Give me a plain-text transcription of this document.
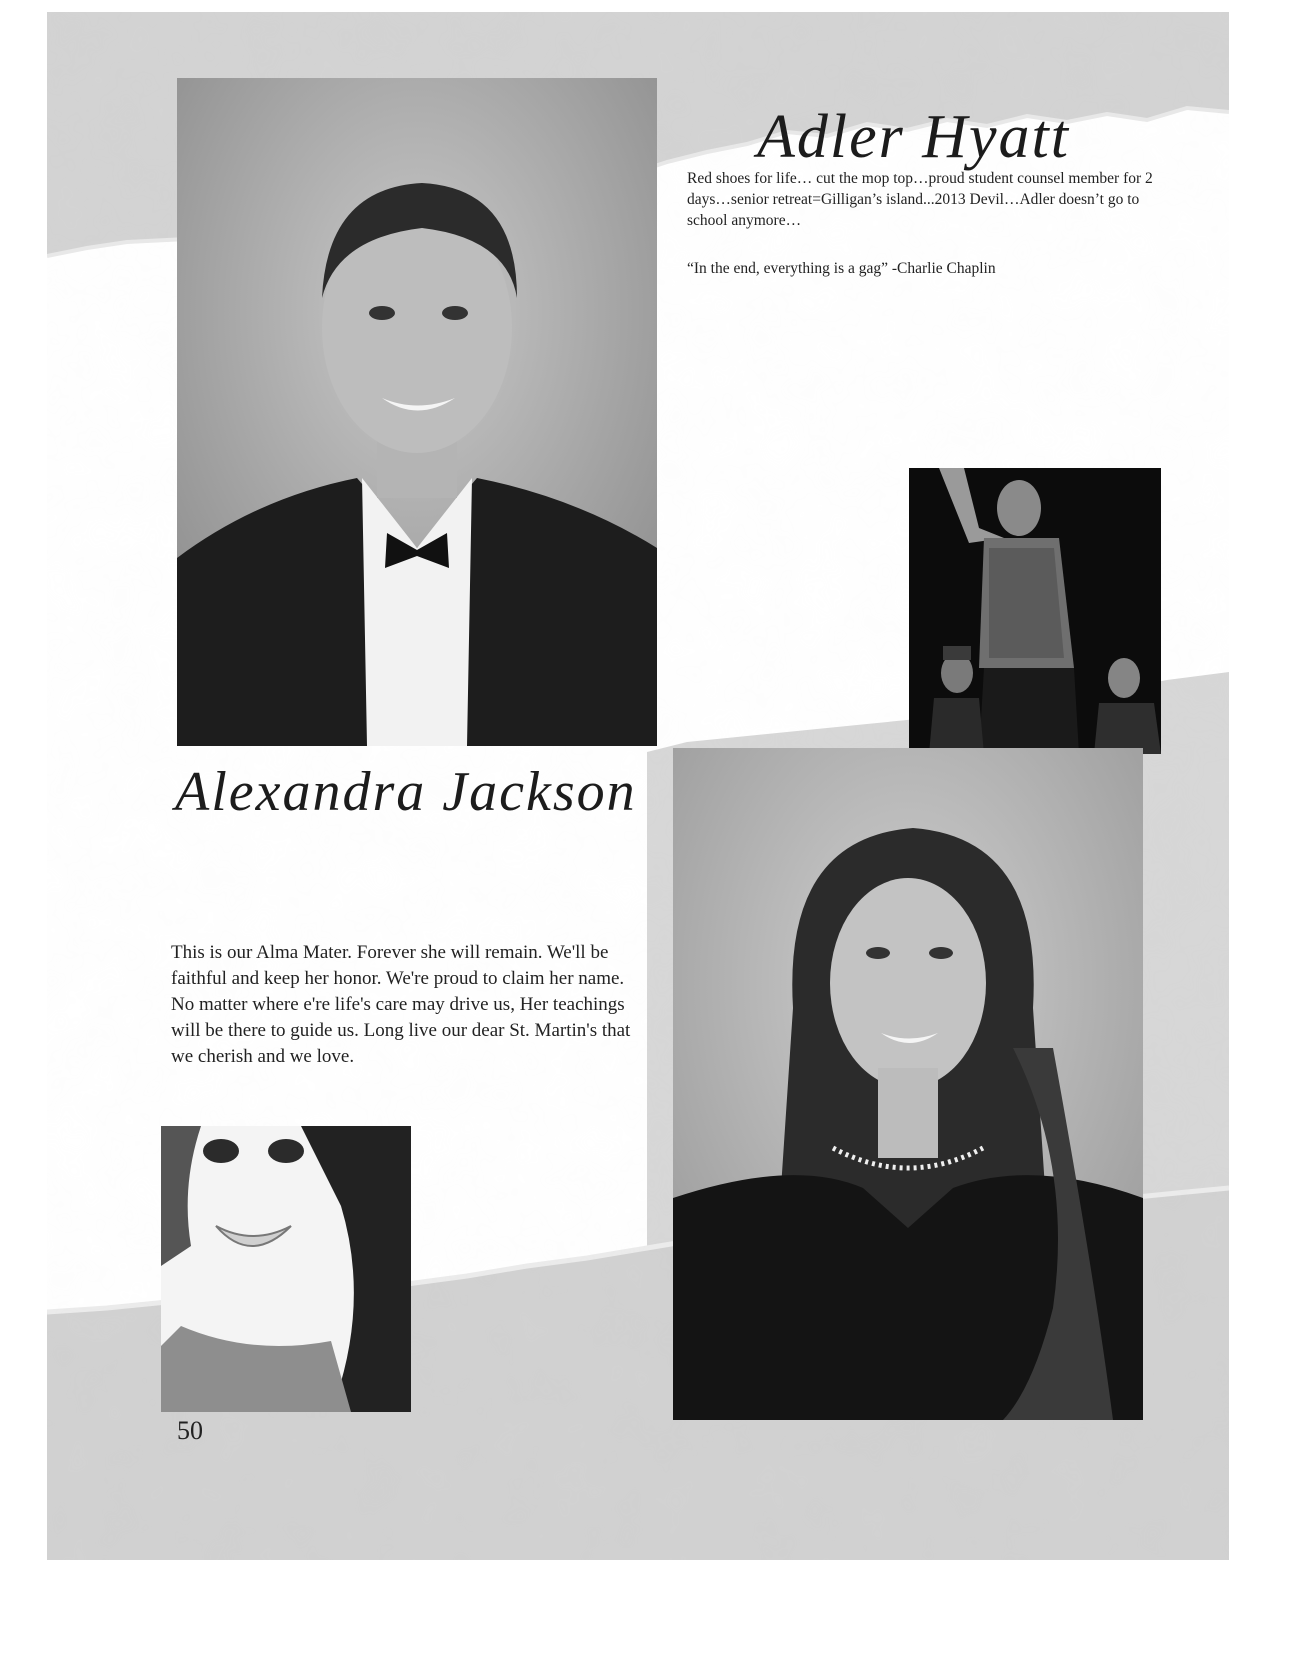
Adler Hyatt

Red shoes for life… cut the mop top…proud student counsel member for 2 days…senior retreat=Gilligan’s island...2013 Devil…Adler doesn’t go to school anymore…

“In the end, everything is a gag” -Charlie Chaplin

Alexandra Jackson

This is our Alma Mater. Forever she will remain. We'll be faithful and keep her honor. We're proud to claim her name. No matter where e're life's care may drive us, Her teachings will be there to guide us. Long live our dear St. Martin's that we cherish and we love.

50
